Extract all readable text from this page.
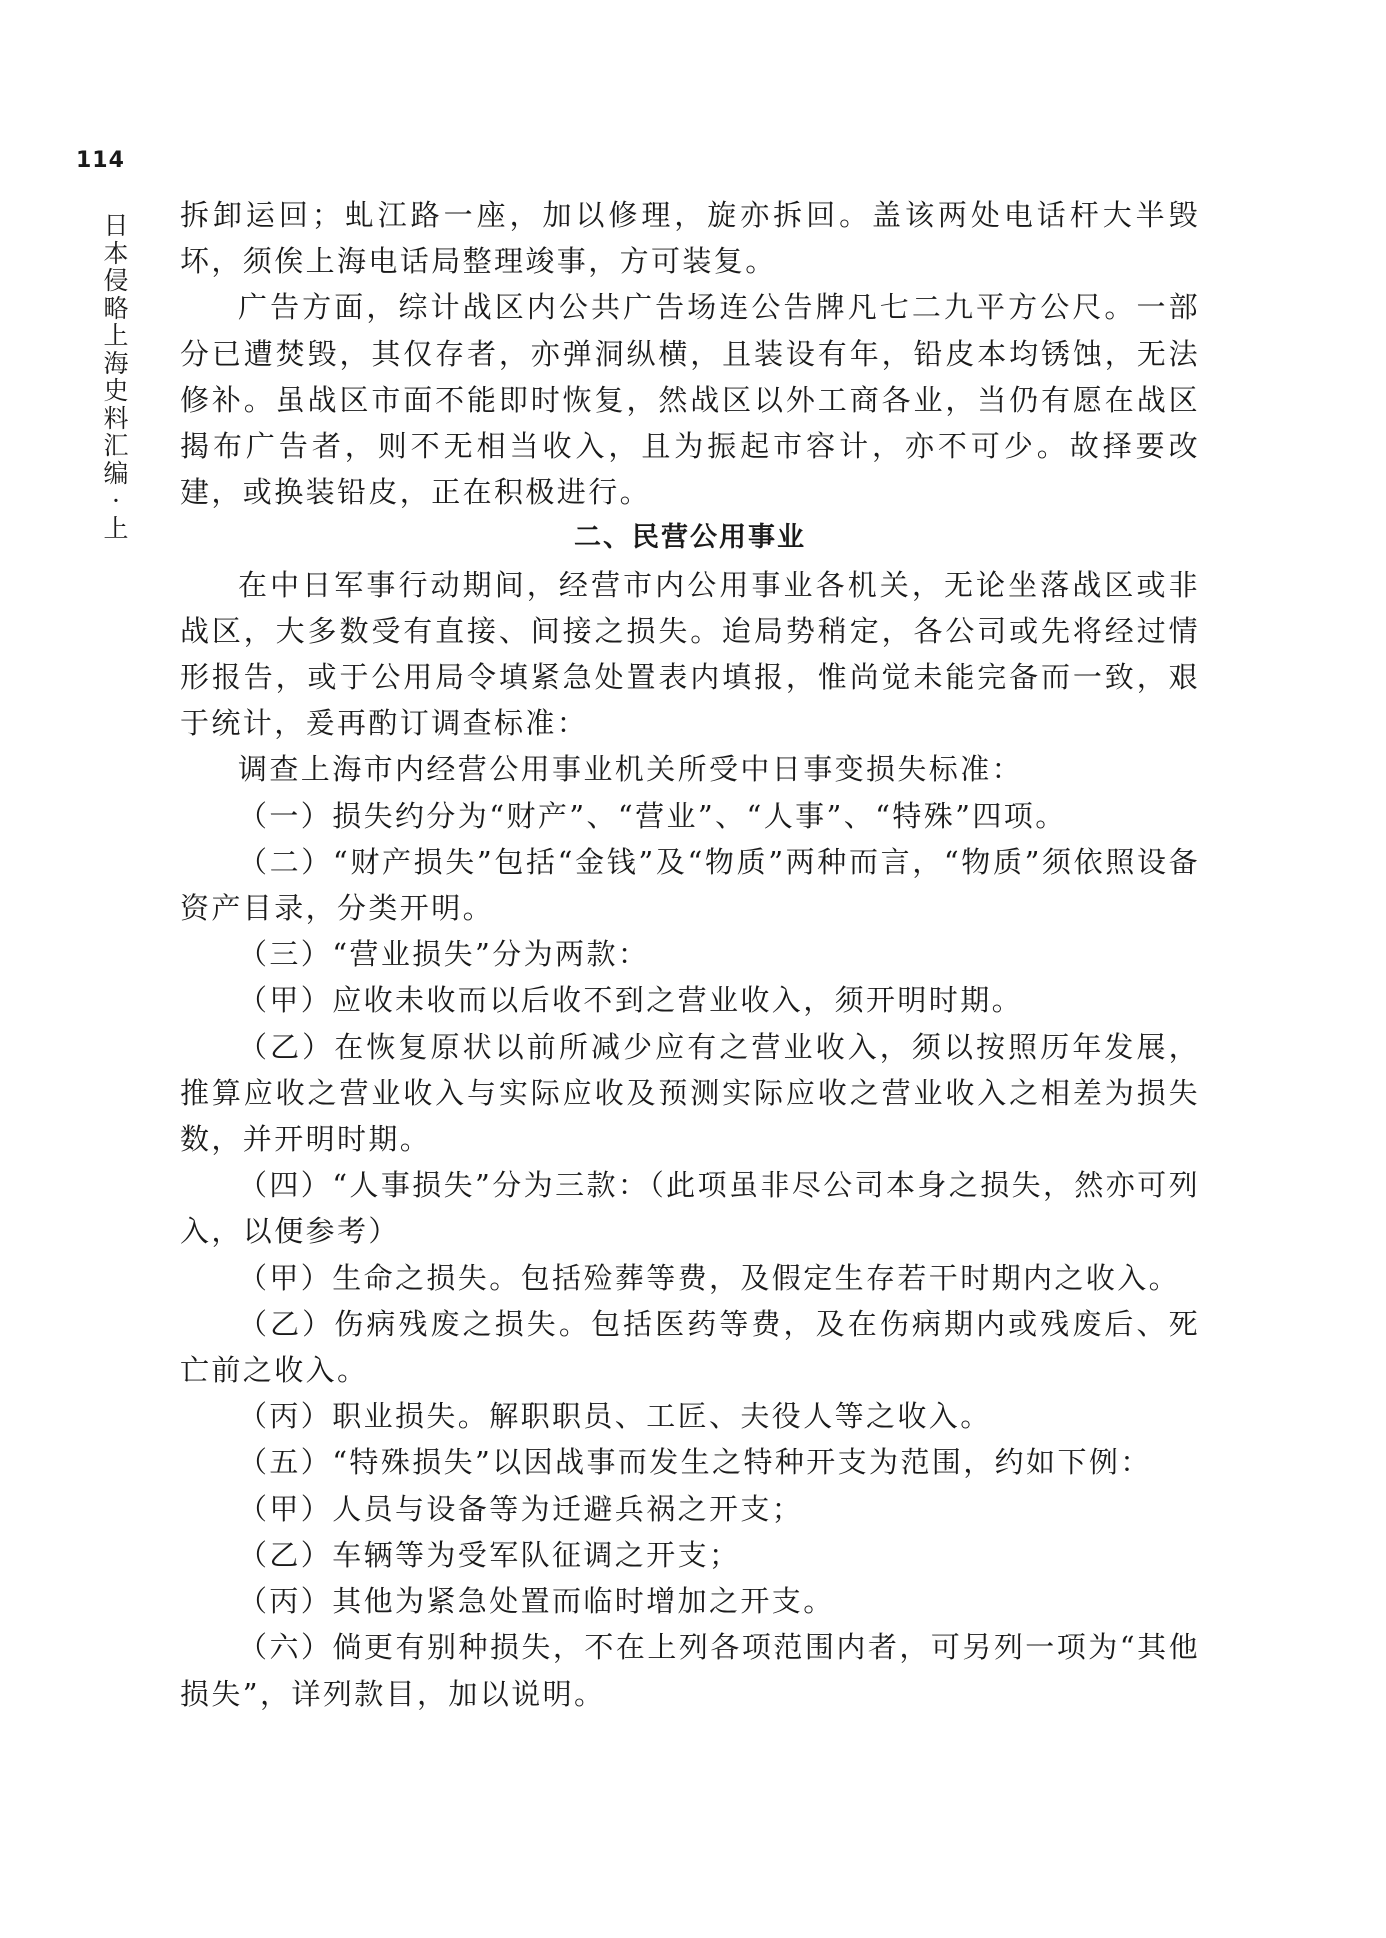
114
日本侵略上海史料汇编·上

拆卸运回；虬江路一座，加以修理，旋亦拆回。盖该两处电话杆大半毁坏，须俟上海电话局整理竣事，方可装复。

广告方面，综计战区内公共广告场连公告牌凡七二九平方公尺。一部分已遭焚毁，其仅存者，亦弹洞纵横，且装设有年，铅皮本均锈蚀，无法修补。虽战区市面不能即时恢复，然战区以外工商各业，当仍有愿在战区揭布广告者，则不无相当收入，且为振起市容计，亦不可少。故择要改建，或换装铅皮，正在积极进行。

二、民营公用事业

在中日军事行动期间，经营市内公用事业各机关，无论坐落战区或非战区，大多数受有直接、间接之损失。迨局势稍定，各公司或先将经过情形报告，或于公用局令填紧急处置表内填报，惟尚觉未能完备而一致，艰于统计，爰再酌订调查标准：

调查上海市内经营公用事业机关所受中日事变损失标准：

（一）损失约分为“财产”、“营业”、“人事”、“特殊”四项。

（二）“财产损失”包括“金钱”及“物质”两种而言，“物质”须依照设备资产目录，分类开明。

（三）“营业损失”分为两款：

（甲）应收未收而以后收不到之营业收入，须开明时期。

（乙）在恢复原状以前所减少应有之营业收入，须以按照历年发展，推算应收之营业收入与实际应收及预测实际应收之营业收入之相差为损失数，并开明时期。

（四）“人事损失”分为三款：（此项虽非尽公司本身之损失，然亦可列入，以便参考）

（甲）生命之损失。包括殓葬等费，及假定生存若干时期内之收入。

（乙）伤病残废之损失。包括医药等费，及在伤病期内或残废后、死亡前之收入。

（丙）职业损失。解职职员、工匠、夫役人等之收入。

（五）“特殊损失”以因战事而发生之特种开支为范围，约如下例：

（甲）人员与设备等为迁避兵祸之开支；

（乙）车辆等为受军队征调之开支；

（丙）其他为紧急处置而临时增加之开支。

（六）倘更有别种损失，不在上列各项范围内者，可另列一项为“其他损失”，详列款目，加以说明。
